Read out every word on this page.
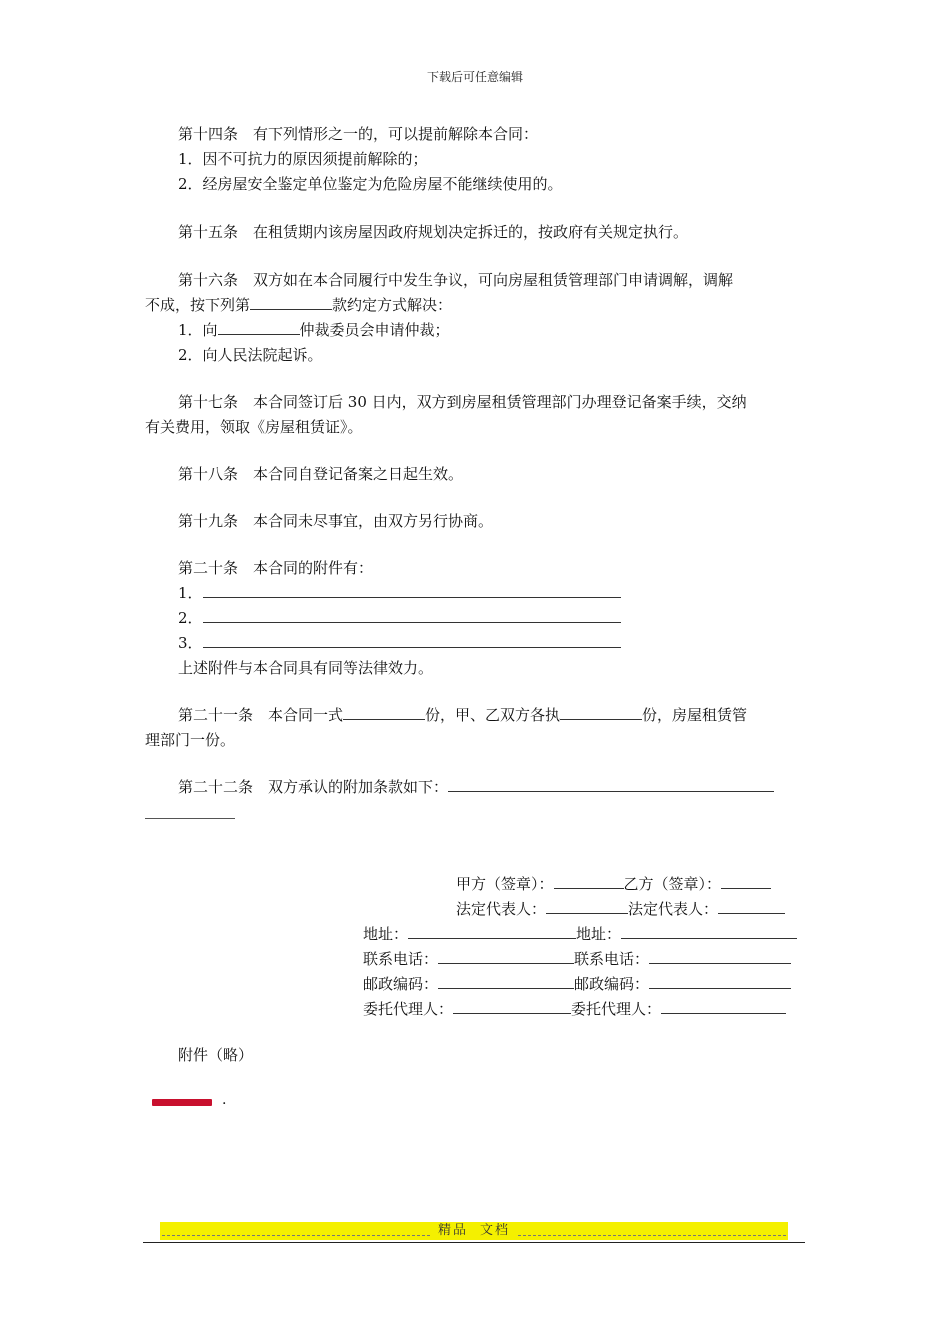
下载后可任意编辑
第十四条　有下列情形之一的，可以提前解除本合同：
1．因不可抗力的原因须提前解除的；
2．经房屋安全鉴定单位鉴定为危险房屋不能继续使用的。
第十五条　在租赁期内该房屋因政府规划决定拆迁的，按政府有关规定执行。
第十六条　双方如在本合同履行中发生争议，可向房屋租赁管理部门申请调解，调解
不成，按下列第	款约定方式解决：
1．向	仲裁委员会申请仲裁；
2．向人民法院起诉。
第十七条　本合同签订后 30 日内，双方到房屋租赁管理部门办理登记备案手续，交纳
有关费用，领取《房屋租赁证》。
第十八条　本合同自登记备案之日起生效。
第十九条　本合同未尽事宜，由双方另行协商。
第二十条　本合同的附件有：
1．
2．
3．
上述附件与本合同具有同等法律效力。
第二十一条　本合同一式	份，甲、乙双方各执	份，房屋租赁管
理部门一份。
第二十二条　双方承认的附加条款如下：
甲方（签章）：	乙方（签章）：
法定代表人：	法定代表人：
地址：	地址：
联系电话：	联系电话：
邮政编码：	邮政编码：
委托代理人：	委托代理人：
附件（略）
.
精品 文档
